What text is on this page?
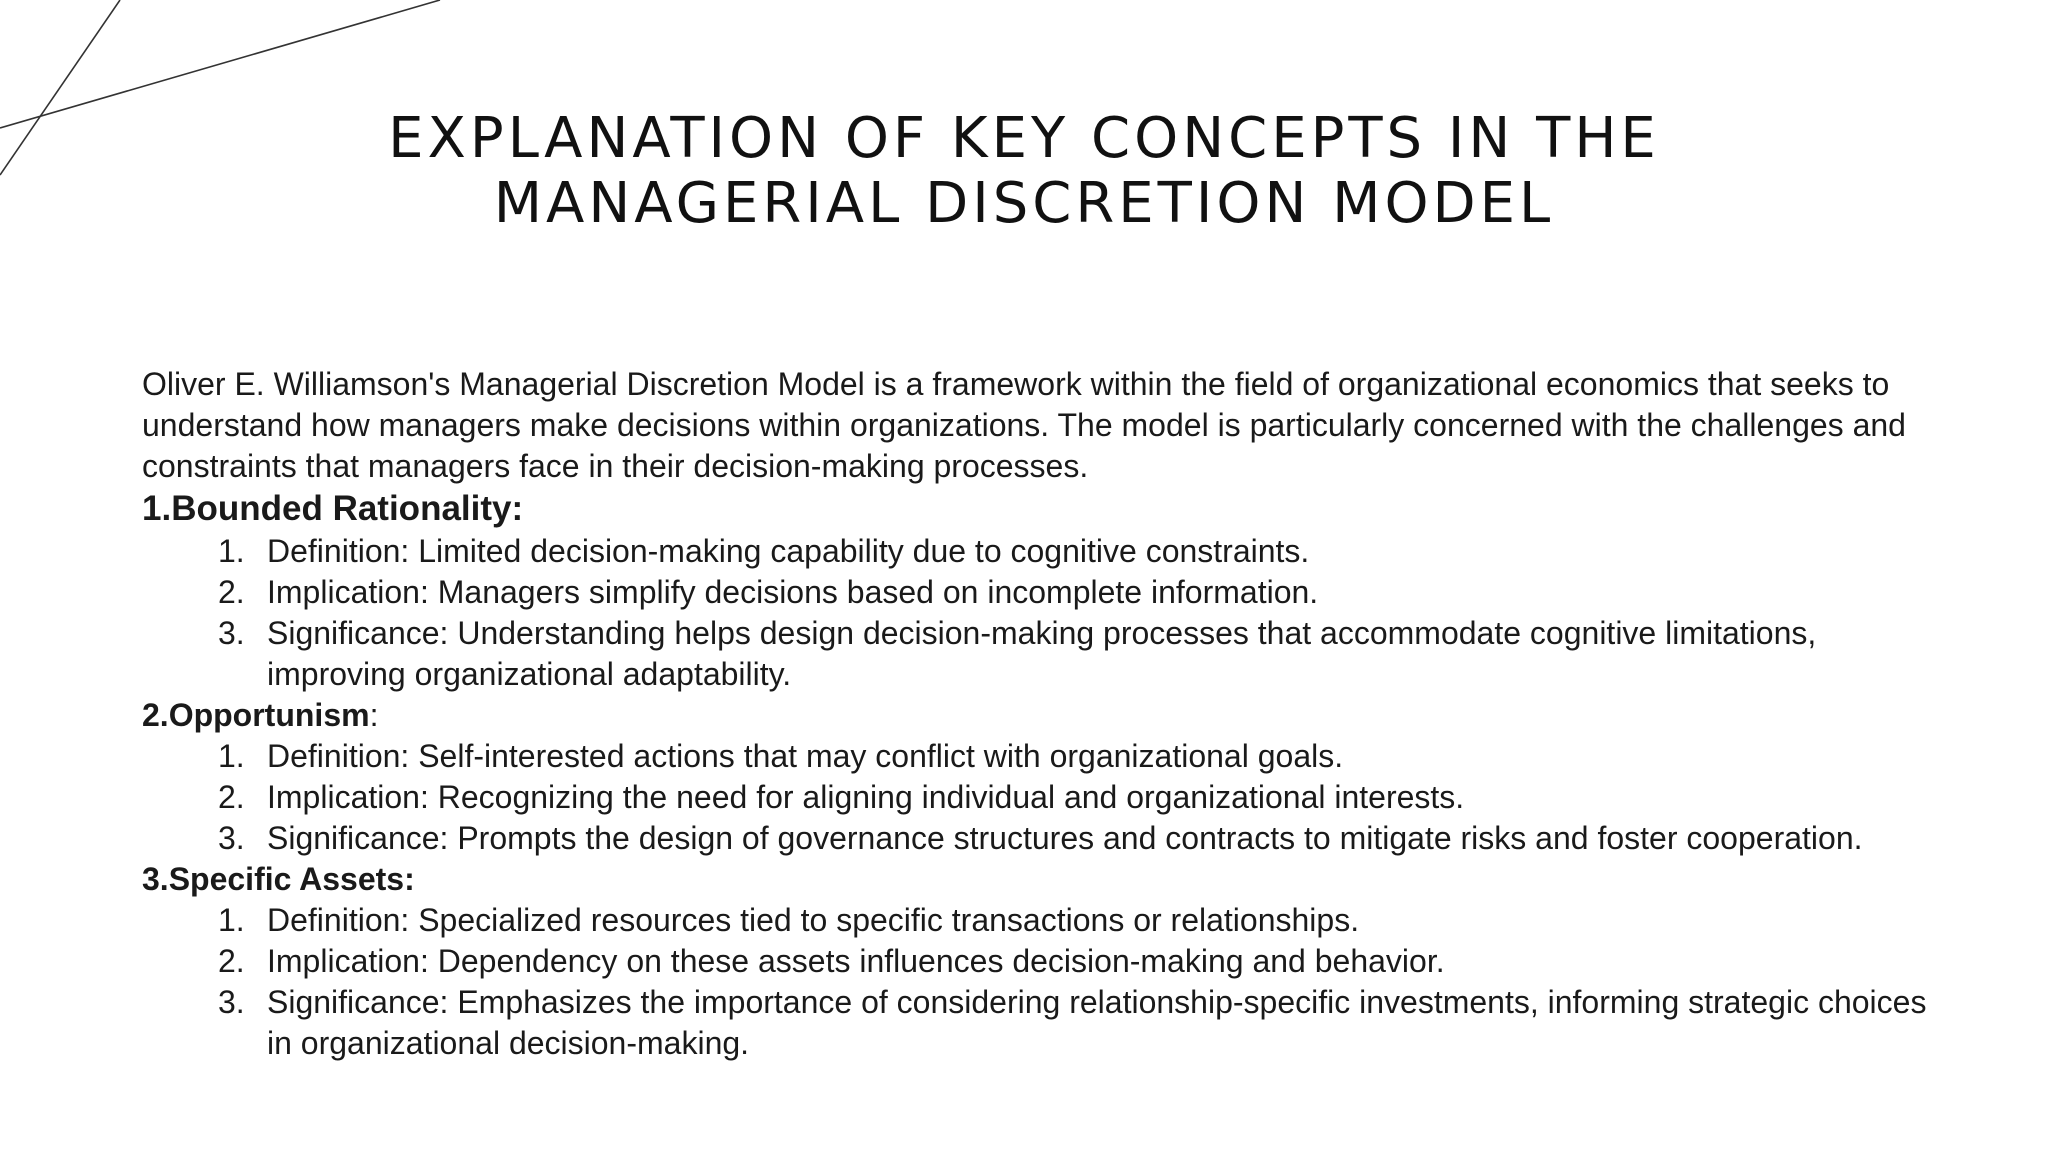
EXPLANATION OF KEY CONCEPTS IN THE
MANAGERIAL DISCRETION MODEL

Oliver E. Williamson's Managerial Discretion Model is a framework within the field of organizational economics that seeks to understand how managers make decisions within organizations. The model is particularly concerned with the challenges and constraints that managers face in their decision-making processes.

1.Bounded Rationality:

1. Definition: Limited decision-making capability due to cognitive constraints.
2. Implication: Managers simplify decisions based on incomplete information.
3. Significance: Understanding helps design decision-making processes that accommodate cognitive limitations, improving organizational adaptability.

2.Opportunism:

1. Definition: Self-interested actions that may conflict with organizational goals.
2. Implication: Recognizing the need for aligning individual and organizational interests.
3. Significance: Prompts the design of governance structures and contracts to mitigate risks and foster cooperation.

3.Specific Assets:

1. Definition: Specialized resources tied to specific transactions or relationships.
2. Implication: Dependency on these assets influences decision-making and behavior.
3. Significance: Emphasizes the importance of considering relationship-specific investments, informing strategic choices in organizational decision-making.
